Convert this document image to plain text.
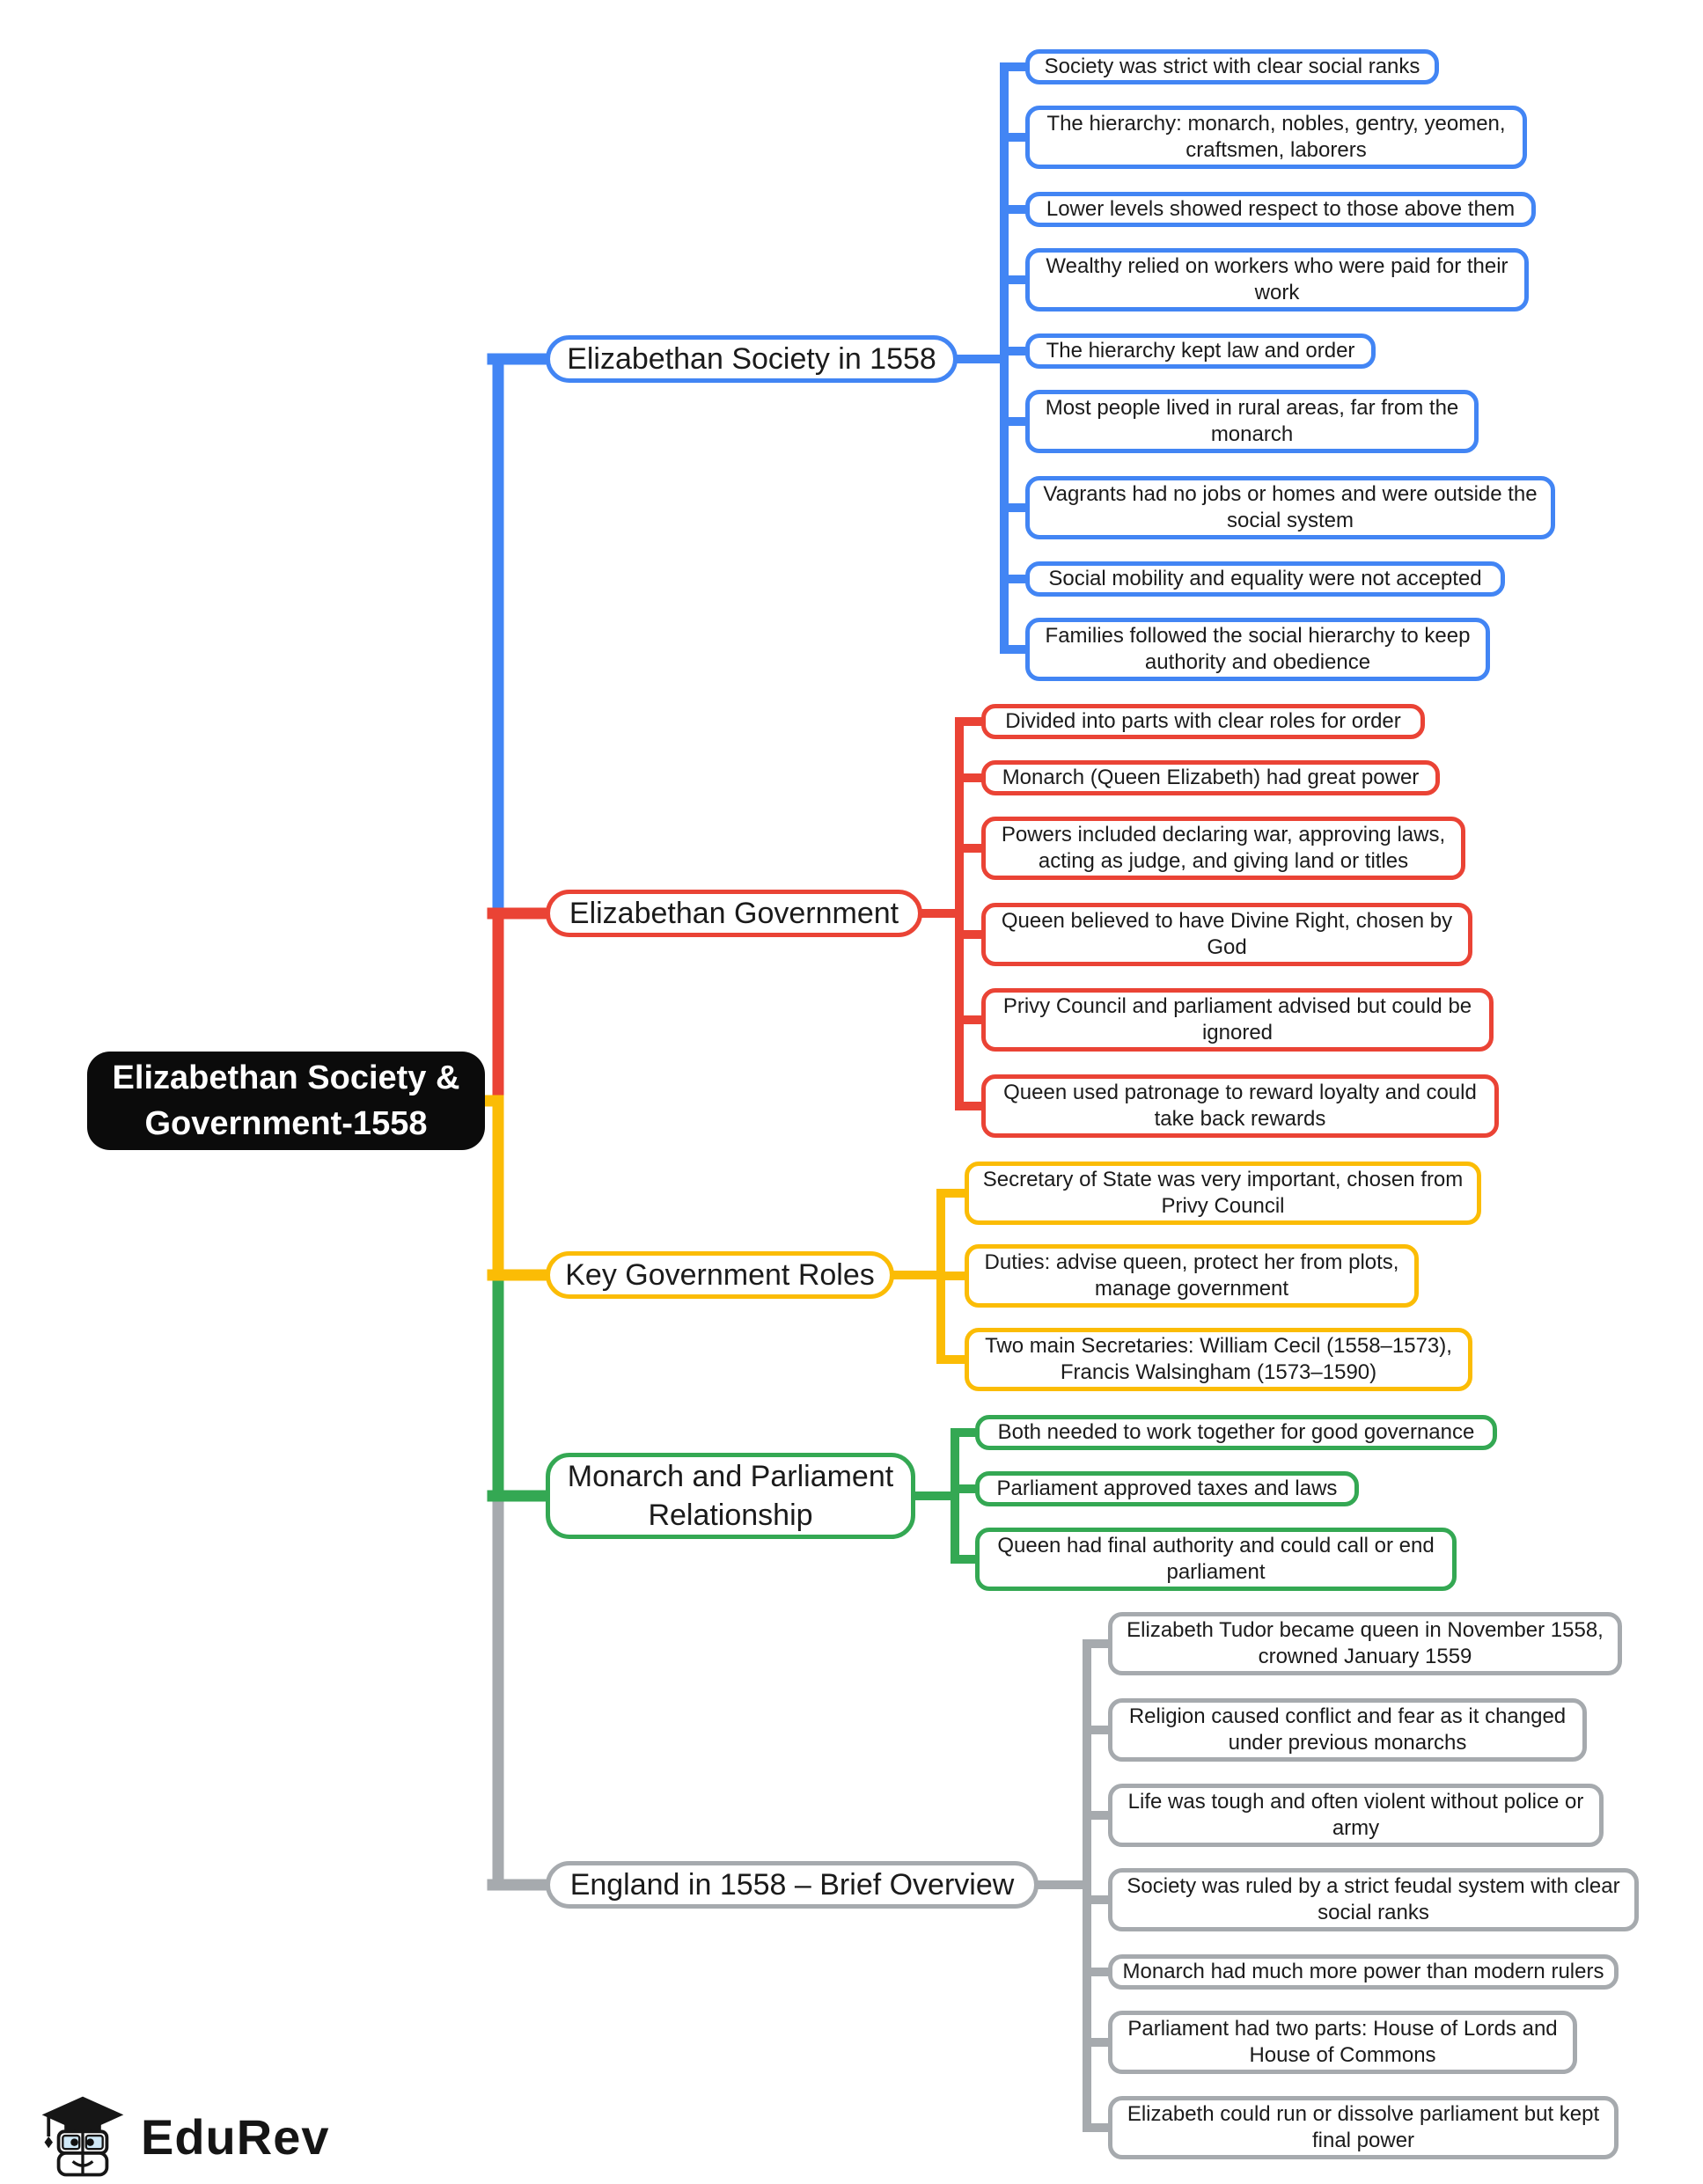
Elizabethan Society & Government-1558
Elizabethan Society in 1558
Elizabethan Government
Key Government Roles
Monarch and Parliament Relationship
England in 1558 – Brief Overview
Society was strict with clear social ranks
The hierarchy: monarch, nobles, gentry, yeomen, craftsmen, laborers
Lower levels showed respect to those above them
Wealthy relied on workers who were paid for their work
The hierarchy kept law and order
Most people lived in rural areas, far from the monarch
Vagrants had no jobs or homes and were outside the social system
Social mobility and equality were not accepted
Families followed the social hierarchy to keep authority and obedience
Divided into parts with clear roles for order
Monarch (Queen Elizabeth) had great power
Powers included declaring war, approving laws, acting as judge, and giving land or titles
Queen believed to have Divine Right, chosen by God
Privy Council and parliament advised but could be ignored
Queen used patronage to reward loyalty and could take back rewards
Secretary of State was very important, chosen from Privy Council
Duties: advise queen, protect her from plots, manage government
Two main Secretaries: William Cecil (1558–1573), Francis Walsingham (1573–1590)
Both needed to work together for good governance
Parliament approved taxes and laws
Queen had final authority and could call or end parliament
Elizabeth Tudor became queen in November 1558, crowned January 1559
Religion caused conflict and fear as it changed under previous monarchs
Life was tough and often violent without police or army
Society was ruled by a strict feudal system with clear social ranks
Monarch had much more power than modern rulers
Parliament had two parts: House of Lords and House of Commons
Elizabeth could run or dissolve parliament but kept final power
EduRev
